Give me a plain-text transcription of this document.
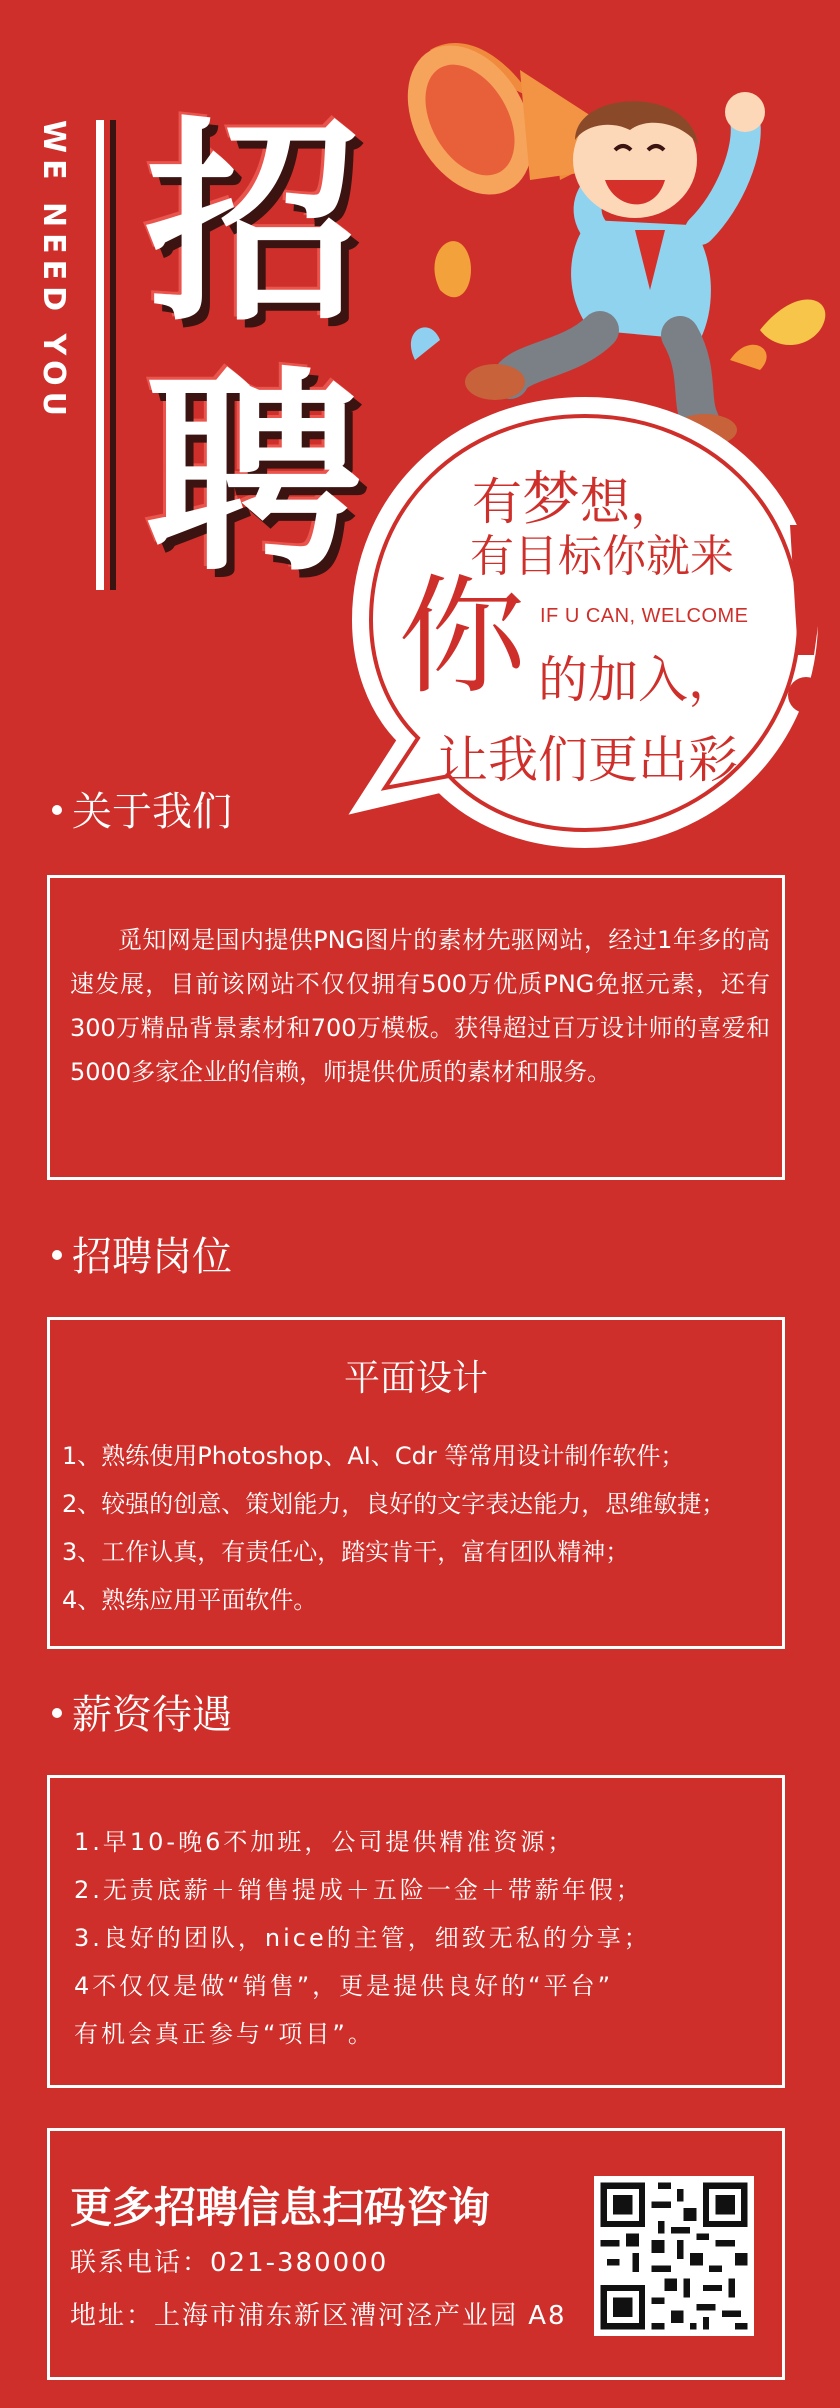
WE NEED YOU 招
聘 有梦想，
有目标你就来
你 IF U CAN, WELCOME
的加入，
让我们更出彩
关于我们
觅知网是国内提供PNG图片的素材先驱网站，经过1年多的高速发展，目前该网站不仅仅拥有500万优质PNG免抠元素，还有300万精品背景素材和700万模板。获得超过百万设计师的喜爱和5000多家企业的信赖，师提供优质的素材和服务。
招聘岗位
平面设计
1、熟练使用Photoshop、AI、Cdr 等常用设计制作软件；
2、较强的创意、策划能力，良好的文字表达能力，思维敏捷；
3、工作认真，有责任心，踏实肯干，富有团队精神；
4、熟练应用平面软件。
薪资待遇
1.早10-晚6不加班，公司提供精准资源；
2.无责底薪＋销售提成＋五险一金＋带薪年假；
3.良好的团队，nice的主管，细致无私的分享；
4不仅仅是做“销售”，更是提供良好的“平台”
有机会真正参与“项目”。
更多招聘信息扫码咨询
联系电话：021-380000
地址：上海市浦东新区漕河泾产业园 A8
